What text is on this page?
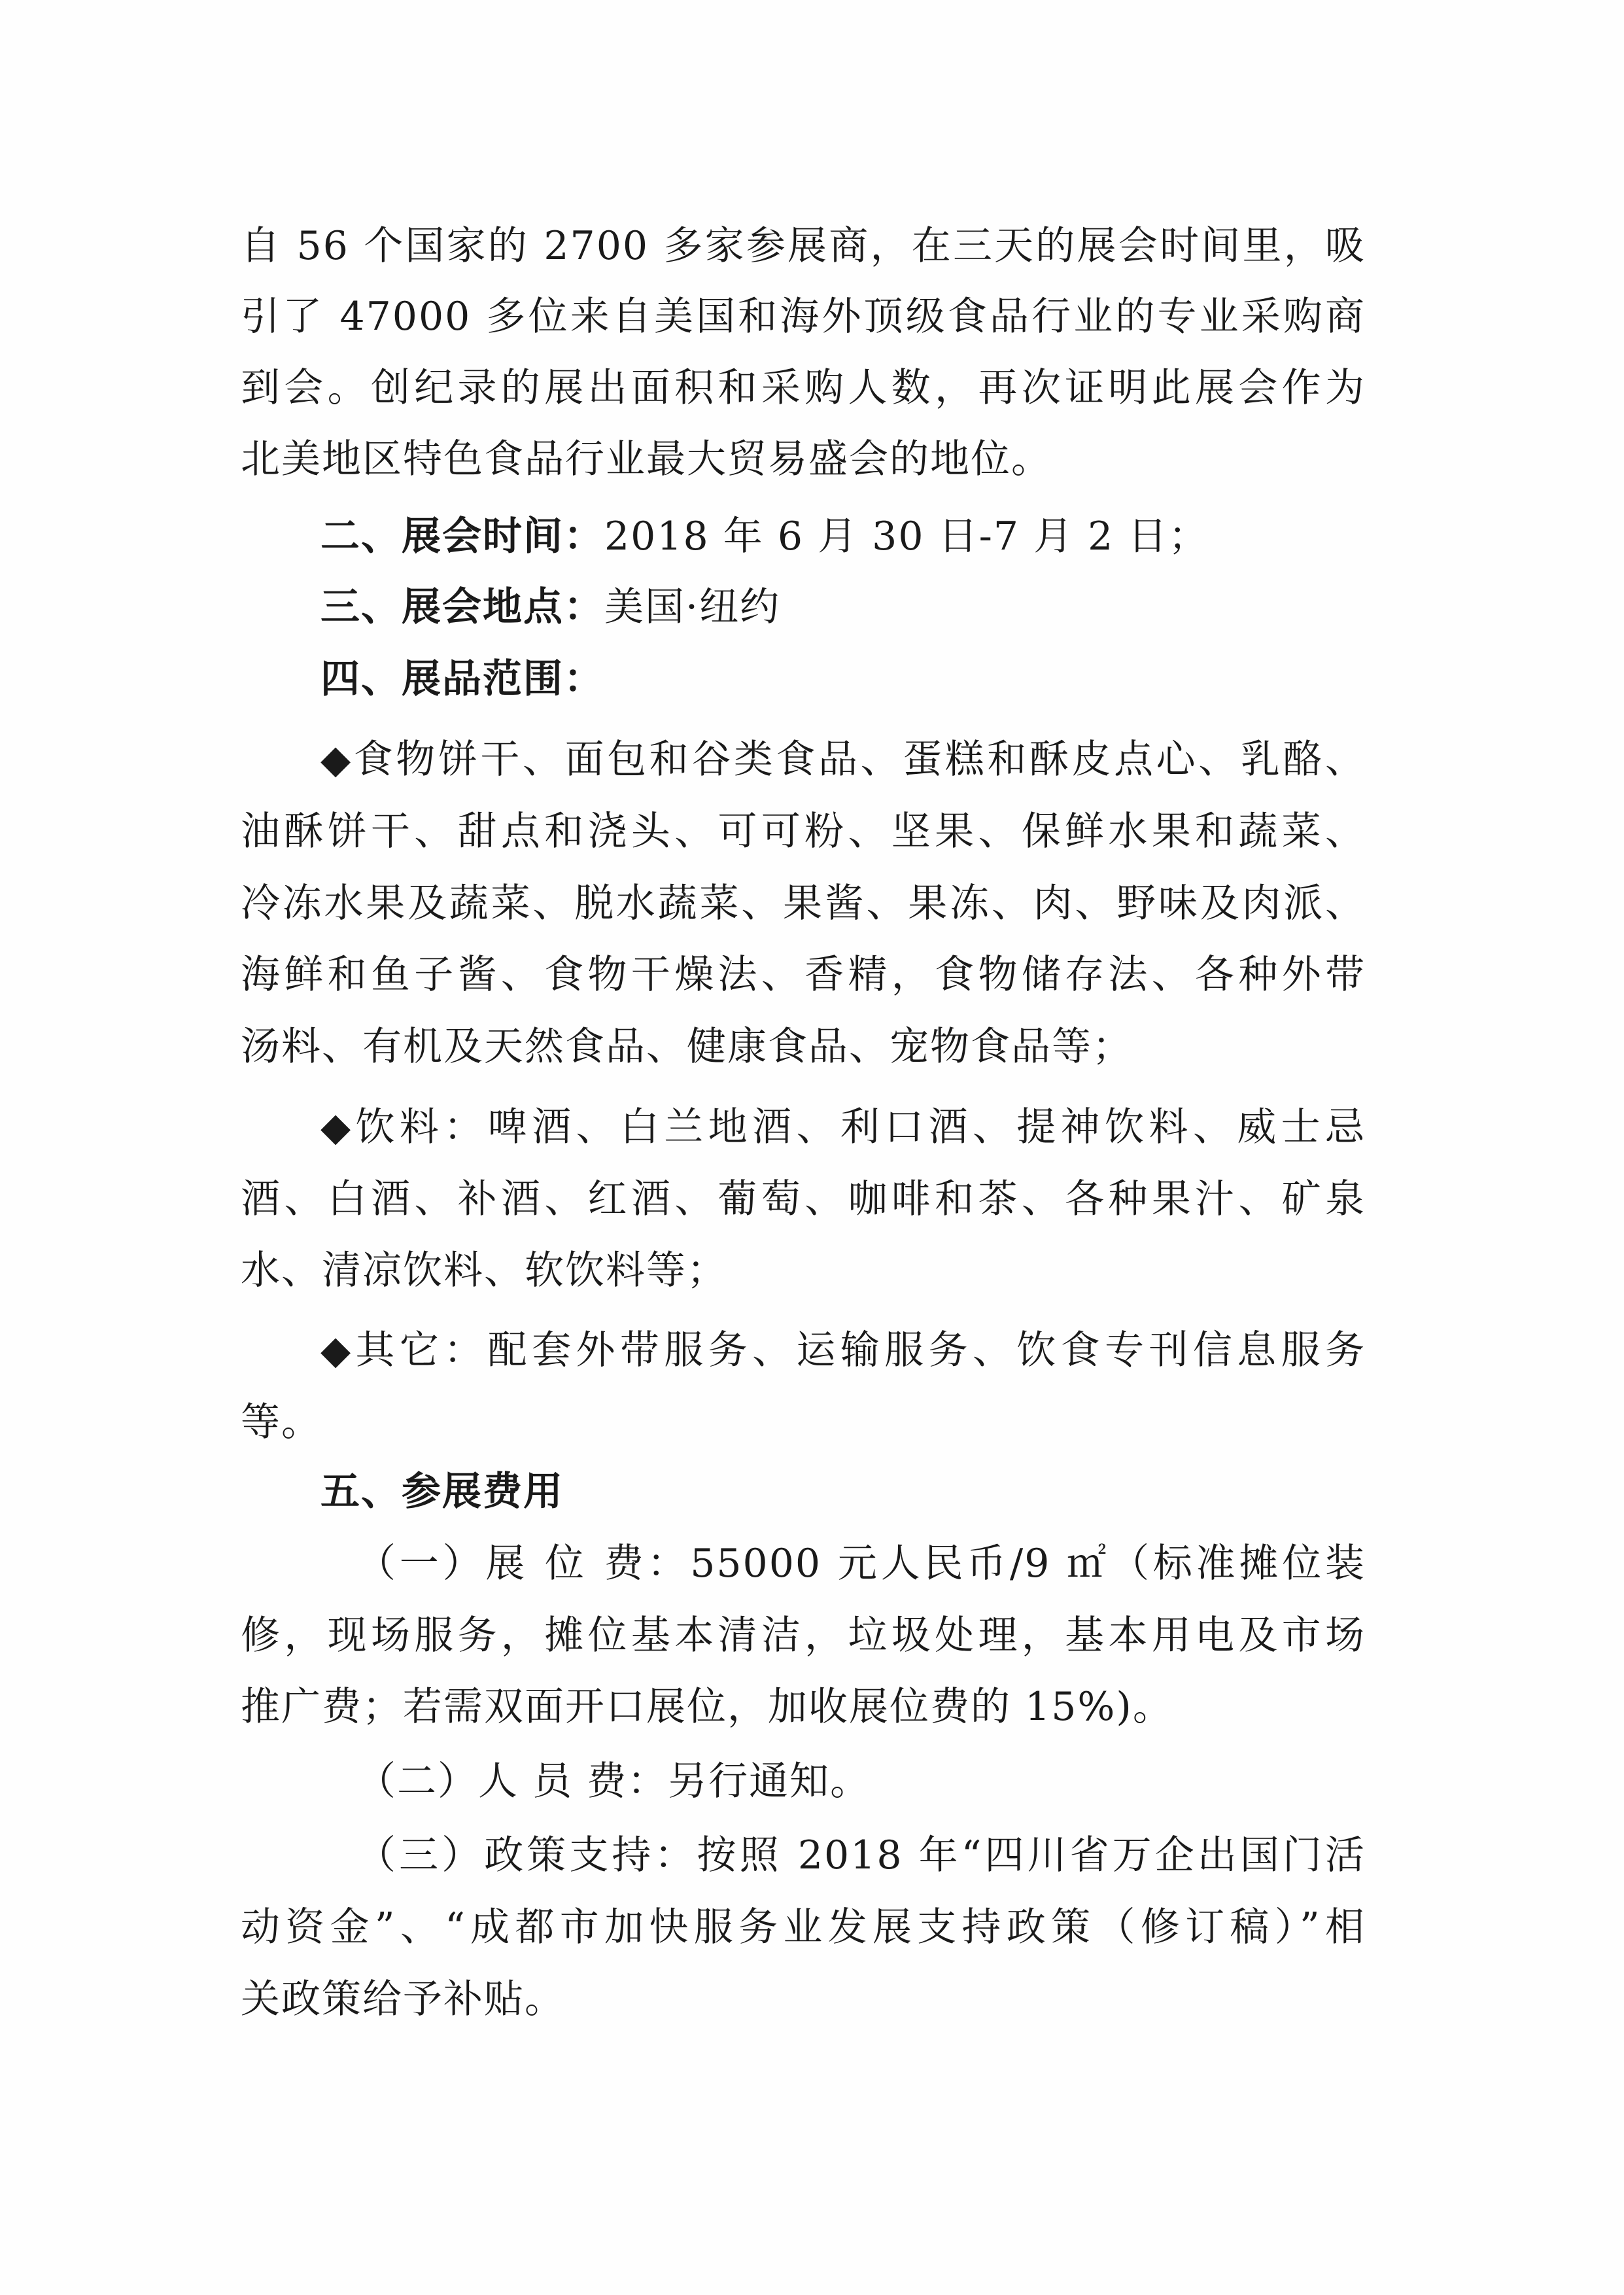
自 56 个国家的 2700 多家参展商，在三天的展会时间里，吸
引了 47000 多位来自美国和海外顶级食品行业的专业采购商
到会。创纪录的展出面积和采购人数，再次证明此展会作为
北美地区特色食品行业最大贸易盛会的地位。
二、展会时间：2018 年 6 月 30 日-7 月 2 日；
三、展会地点：美国·纽约
四、展品范围：
◆食物饼干、面包和谷类食品、蛋糕和酥皮点心、乳酪、
油酥饼干、甜点和浇头、可可粉、坚果、保鲜水果和蔬菜、
冷冻水果及蔬菜、脱水蔬菜、果酱、果冻、肉、野味及肉派、
海鲜和鱼子酱、食物干燥法、香精，食物储存法、各种外带
汤料、有机及天然食品、健康食品、宠物食品等；
◆饮料：啤酒、白兰地酒、利口酒、提神饮料、威士忌
酒、白酒、补酒、红酒、葡萄、咖啡和茶、各种果汁、矿泉
水、清凉饮料、软饮料等；
◆其它：配套外带服务、运输服务、饮食专刊信息服务
等。
五、参展费用
（一）展 位 费：55000 元人民币/9 ㎡（标准摊位装
修，现场服务，摊位基本清洁，垃圾处理，基本用电及市场
推广费；若需双面开口展位，加收展位费的 15%)。
（二）人 员 费：另行通知。
（三）政策支持：按照 2018 年“四川省万企出国门活
动资金”、“成都市加快服务业发展支持政策（修订稿）”相
关政策给予补贴。
